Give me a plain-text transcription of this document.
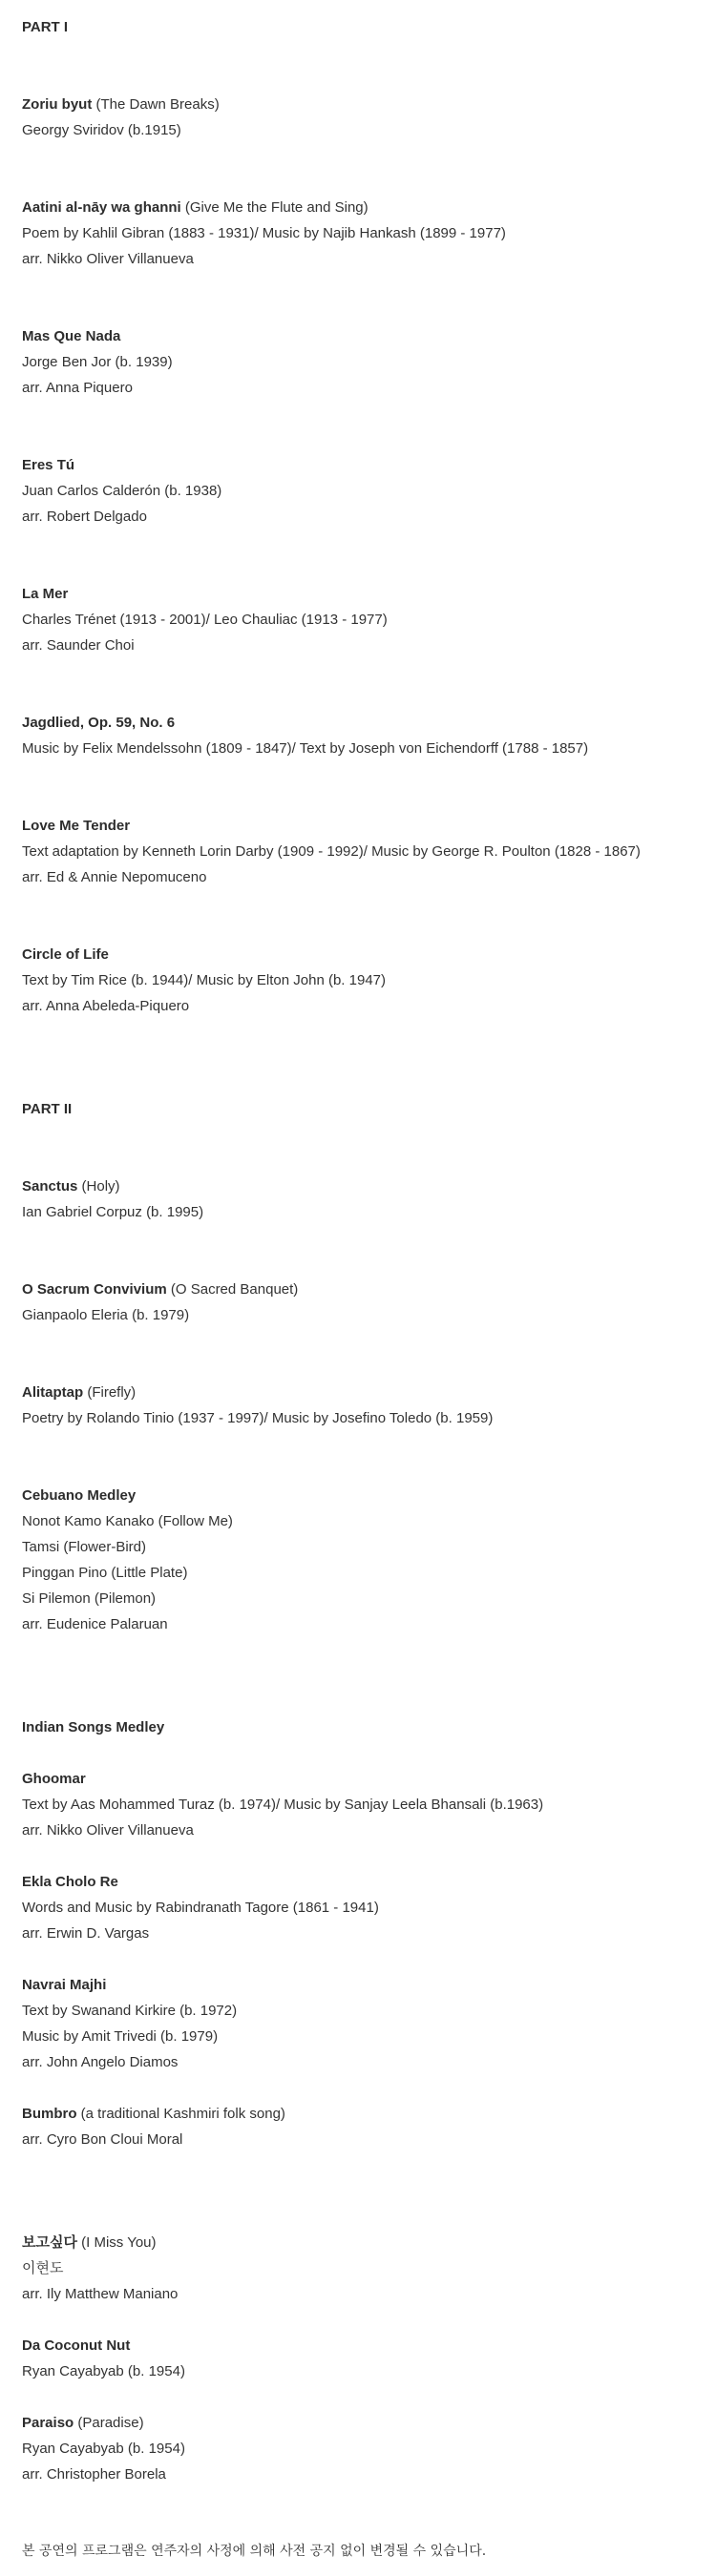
PART I
Zoriu byut (The Dawn Breaks)
Georgy Sviridov (b.1915)
Aatini al-nāy wa ghanni (Give Me the Flute and Sing)
Poem by Kahlil Gibran (1883 - 1931)/ Music by Najib Hankash (1899 - 1977)
arr. Nikko Oliver Villanueva
Mas Que Nada
Jorge Ben Jor (b. 1939)
arr. Anna Piquero
Eres Tú
Juan Carlos Calderón (b. 1938)
arr. Robert Delgado
La Mer
Charles Trénet (1913 - 2001)/ Leo Chauliac (1913 - 1977)
arr. Saunder Choi
Jagdlied, Op. 59, No. 6
Music by Felix Mendelssohn (1809 - 1847)/ Text by Joseph von Eichendorff (1788 - 1857)
Love Me Tender
Text adaptation by Kenneth Lorin Darby (1909 - 1992)/ Music by George R. Poulton (1828 - 1867)
arr. Ed & Annie Nepomuceno
Circle of Life
Text by Tim Rice (b. 1944)/ Music by Elton John (b. 1947)
arr. Anna Abeleda-Piquero
PART II
Sanctus (Holy)
Ian Gabriel Corpuz (b. 1995)
O Sacrum Convivium (O Sacred Banquet)
Gianpaolo Eleria (b. 1979)
Alitaptap (Firefly)
Poetry by Rolando Tinio (1937 - 1997)/ Music by Josefino Toledo (b. 1959)
Cebuano Medley
Nonot Kamo Kanako (Follow Me)
Tamsi (Flower-Bird)
Pinggan Pino (Little Plate)
Si Pilemon (Pilemon)
arr. Eudenice Palaruan
Indian Songs Medley
Ghoomar
Text by Aas Mohammed Turaz (b. 1974)/ Music by Sanjay Leela Bhansali (b.1963)
arr. Nikko Oliver Villanueva
Ekla Cholo Re
Words and Music by Rabindranath Tagore (1861 - 1941)
arr. Erwin D. Vargas
Navrai Majhi
Text by Swanand Kirkire (b. 1972)
Music by Amit Trivedi (b. 1979)
arr. John Angelo Diamos
Bumbro (a traditional Kashmiri folk song)
arr. Cyro Bon Cloui Moral
보고싶다 (I Miss You)
이현도
arr. Ily Matthew Maniano
Da Coconut Nut
Ryan Cayabyab (b. 1954)
Paraiso (Paradise)
Ryan Cayabyab (b. 1954)
arr. Christopher Borela
본 공연의 프로그램은 연주자의 사정에 의해 사전 공지 없이 변경될 수 있습니다.
